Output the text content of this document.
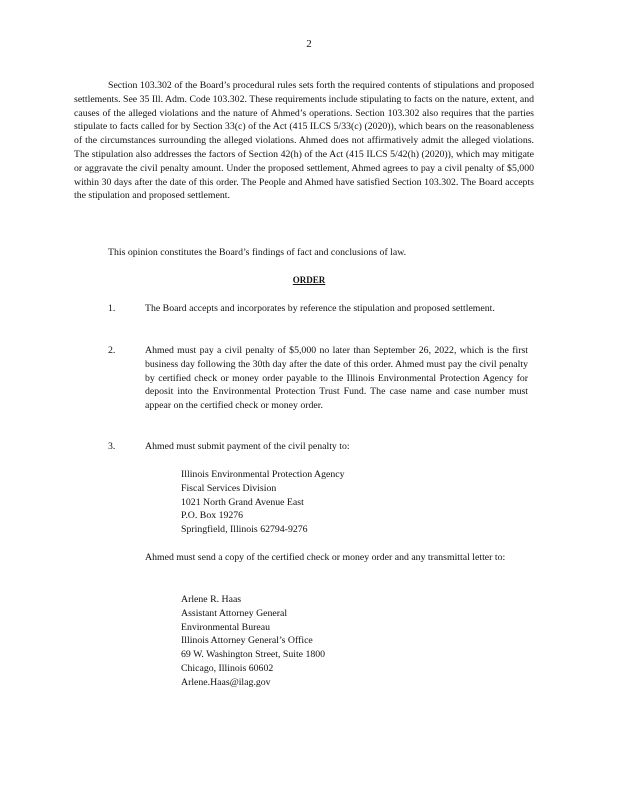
2

Section 103.302 of the Board’s procedural rules sets forth the required contents of stipulations and proposed settlements. See 35 Ill. Adm. Code 103.302. These requirements include stipulating to facts on the nature, extent, and causes of the alleged violations and the nature of Ahmed’s operations. Section 103.302 also requires that the parties stipulate to facts called for by Section 33(c) of the Act (415 ILCS 5/33(c) (2020)), which bears on the reasonableness of the circumstances surrounding the alleged violations. Ahmed does not affirmatively admit the alleged violations. The stipulation also addresses the factors of Section 42(h) of the Act (415 ILCS 5/42(h) (2020)), which may mitigate or aggravate the civil penalty amount. Under the proposed settlement, Ahmed agrees to pay a civil penalty of $5,000 within 30 days after the date of this order. The People and Ahmed have satisfied Section 103.302. The Board accepts the stipulation and proposed settlement.

This opinion constitutes the Board’s findings of fact and conclusions of law.

ORDER
1.	The Board accepts and incorporates by reference the stipulation and proposed settlement.

2.	Ahmed must pay a civil penalty of $5,000 no later than September 26, 2022, which is the first business day following the 30th day after the date of this order. Ahmed must pay the civil penalty by certified check or money order payable to the Illinois Environmental Protection Agency for deposit into the Environmental Protection Trust Fund. The case name and case number must appear on the certified check or money order.

3.	Ahmed must submit payment of the civil penalty to:

Illinois Environmental Protection Agency
Fiscal Services Division
1021 North Grand Avenue East
P.O. Box 19276
Springfield, Illinois 62794-9276

Ahmed must send a copy of the certified check or money order and any transmittal letter to:

Arlene R. Haas
Assistant Attorney General
Environmental Bureau
Illinois Attorney General’s Office
69 W. Washington Street, Suite 1800
Chicago, Illinois 60602
Arlene.Haas@ilag.gov
